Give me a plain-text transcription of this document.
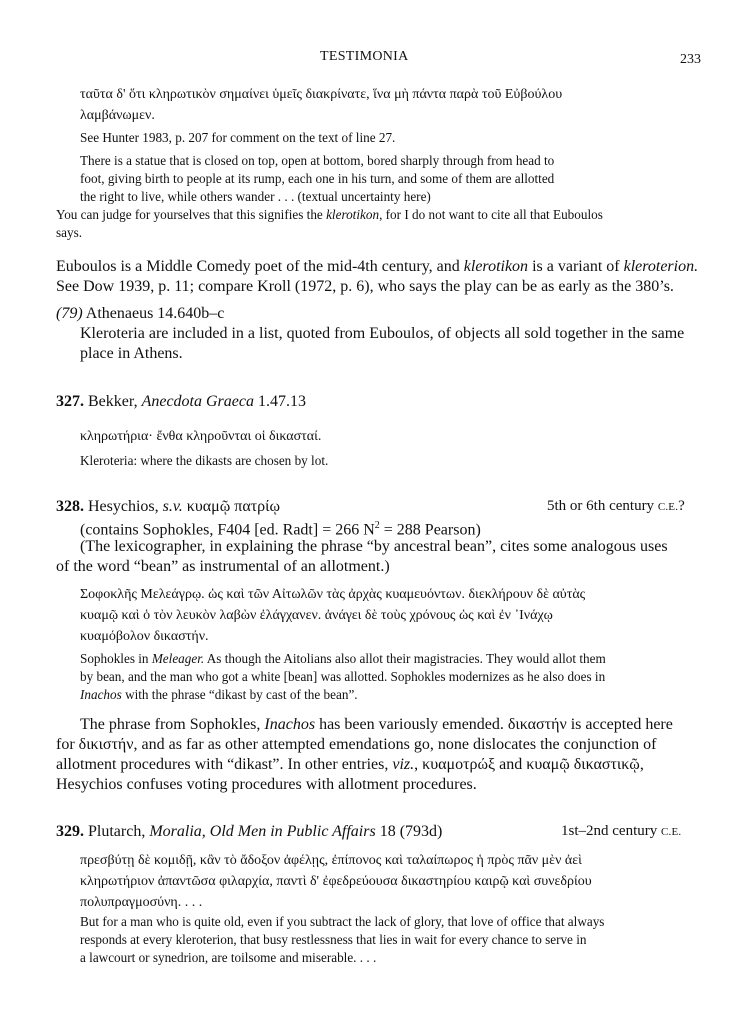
TESTIMONIA	233
ταῦτα δ' ὅτι κληρωτικὸν σημαίνει ὑμεῖς διακρίνατε, ἵνα μὴ πάντα παρὰ τοῦ Εὐβούλου
λαμβάνωμεν.
See Hunter 1983, p. 207 for comment on the text of line 27.
There is a statue that is closed on top, open at bottom, bored sharply through from head to
foot, giving birth to people at its rump, each one in his turn, and some of them are allotted
the right to live, while others wander . . . (textual uncertainty here)
You can judge for yourselves that this signifies the klerotikon, for I do not want to cite all that Euboulos
says.
Euboulos is a Middle Comedy poet of the mid-4th century, and klerotikon is a variant of kleroterion.
See Dow 1939, p. 11; compare Kroll (1972, p. 6), who says the play can be as early as the 380’s.
(79) Athenaeus 14.640b–c
Kleroteria are included in a list, quoted from Euboulos, of objects all sold together in the same
place in Athens.
327. Bekker, Anecdota Graeca 1.47.13
κληρωτήρια· ἔνθα κληροῦνται οἱ δικασταί.
Kleroteria: where the dikasts are chosen by lot.
328. Hesychios, s.v. κυαμῷ πατρίῳ	5th or 6th century C.E.?
(contains Sophokles, F404 [ed. Radt] = 266 $N^2 = 288$ Pearson)
(The lexicographer, in explaining the phrase “by ancestral bean”, cites some analogous uses
of the word “bean” as instrumental of an allotment.)
Σοφοκλῆς Μελεάγρῳ. ὡς καὶ τῶν Αἰτωλῶν τὰς ἀρχὰς κυαμευόντων. διεκλήρουν δὲ αὐτὰς
κυαμῷ καὶ ὁ τὸν λευκὸν λαβὼν ἐλάγχανεν. ἀνάγει δὲ τοὺς χρόνους ὡς καὶ ἐν ᾿Ινάχῳ
κυαμόβολον δικαστήν.
Sophokles in Meleager. As though the Aitolians also allot their magistracies. They would allot them
by bean, and the man who got a white [bean] was allotted. Sophokles modernizes as he also does in
Inachos with the phrase “dikast by cast of the bean”.
The phrase from Sophokles, Inachos has been variously emended. δικαστήν is accepted here
for δικιστήν, and as far as other attempted emendations go, none dislocates the conjunction of
allotment procedures with “dikast”. In other entries, viz., κυαμοτρώξ and κυαμῷ δικαστικῷ,
Hesychios confuses voting procedures with allotment procedures.
329. Plutarch, Moralia, Old Men in Public Affairs 18 (793d)	1st–2nd century C.E.
πρεσβύτῃ δὲ κομιδῇ, κἂν τὸ ἄδοξον ἀφέλῃς, ἐπίπονος καὶ ταλαίπωρος ἡ πρὸς πᾶν μὲν ἀεὶ
κληρωτήριον ἀπαντῶσα φιλαρχία, παντὶ δ' ἐφεδρεύουσα δικαστηρίου καιρῷ καὶ συνεδρίου
πολυπραγμοσύνη. . . .
But for a man who is quite old, even if you subtract the lack of glory, that love of office that always
responds at every kleroterion, that busy restlessness that lies in wait for every chance to serve in
a lawcourt or synedrion, are toilsome and miserable. . . .
